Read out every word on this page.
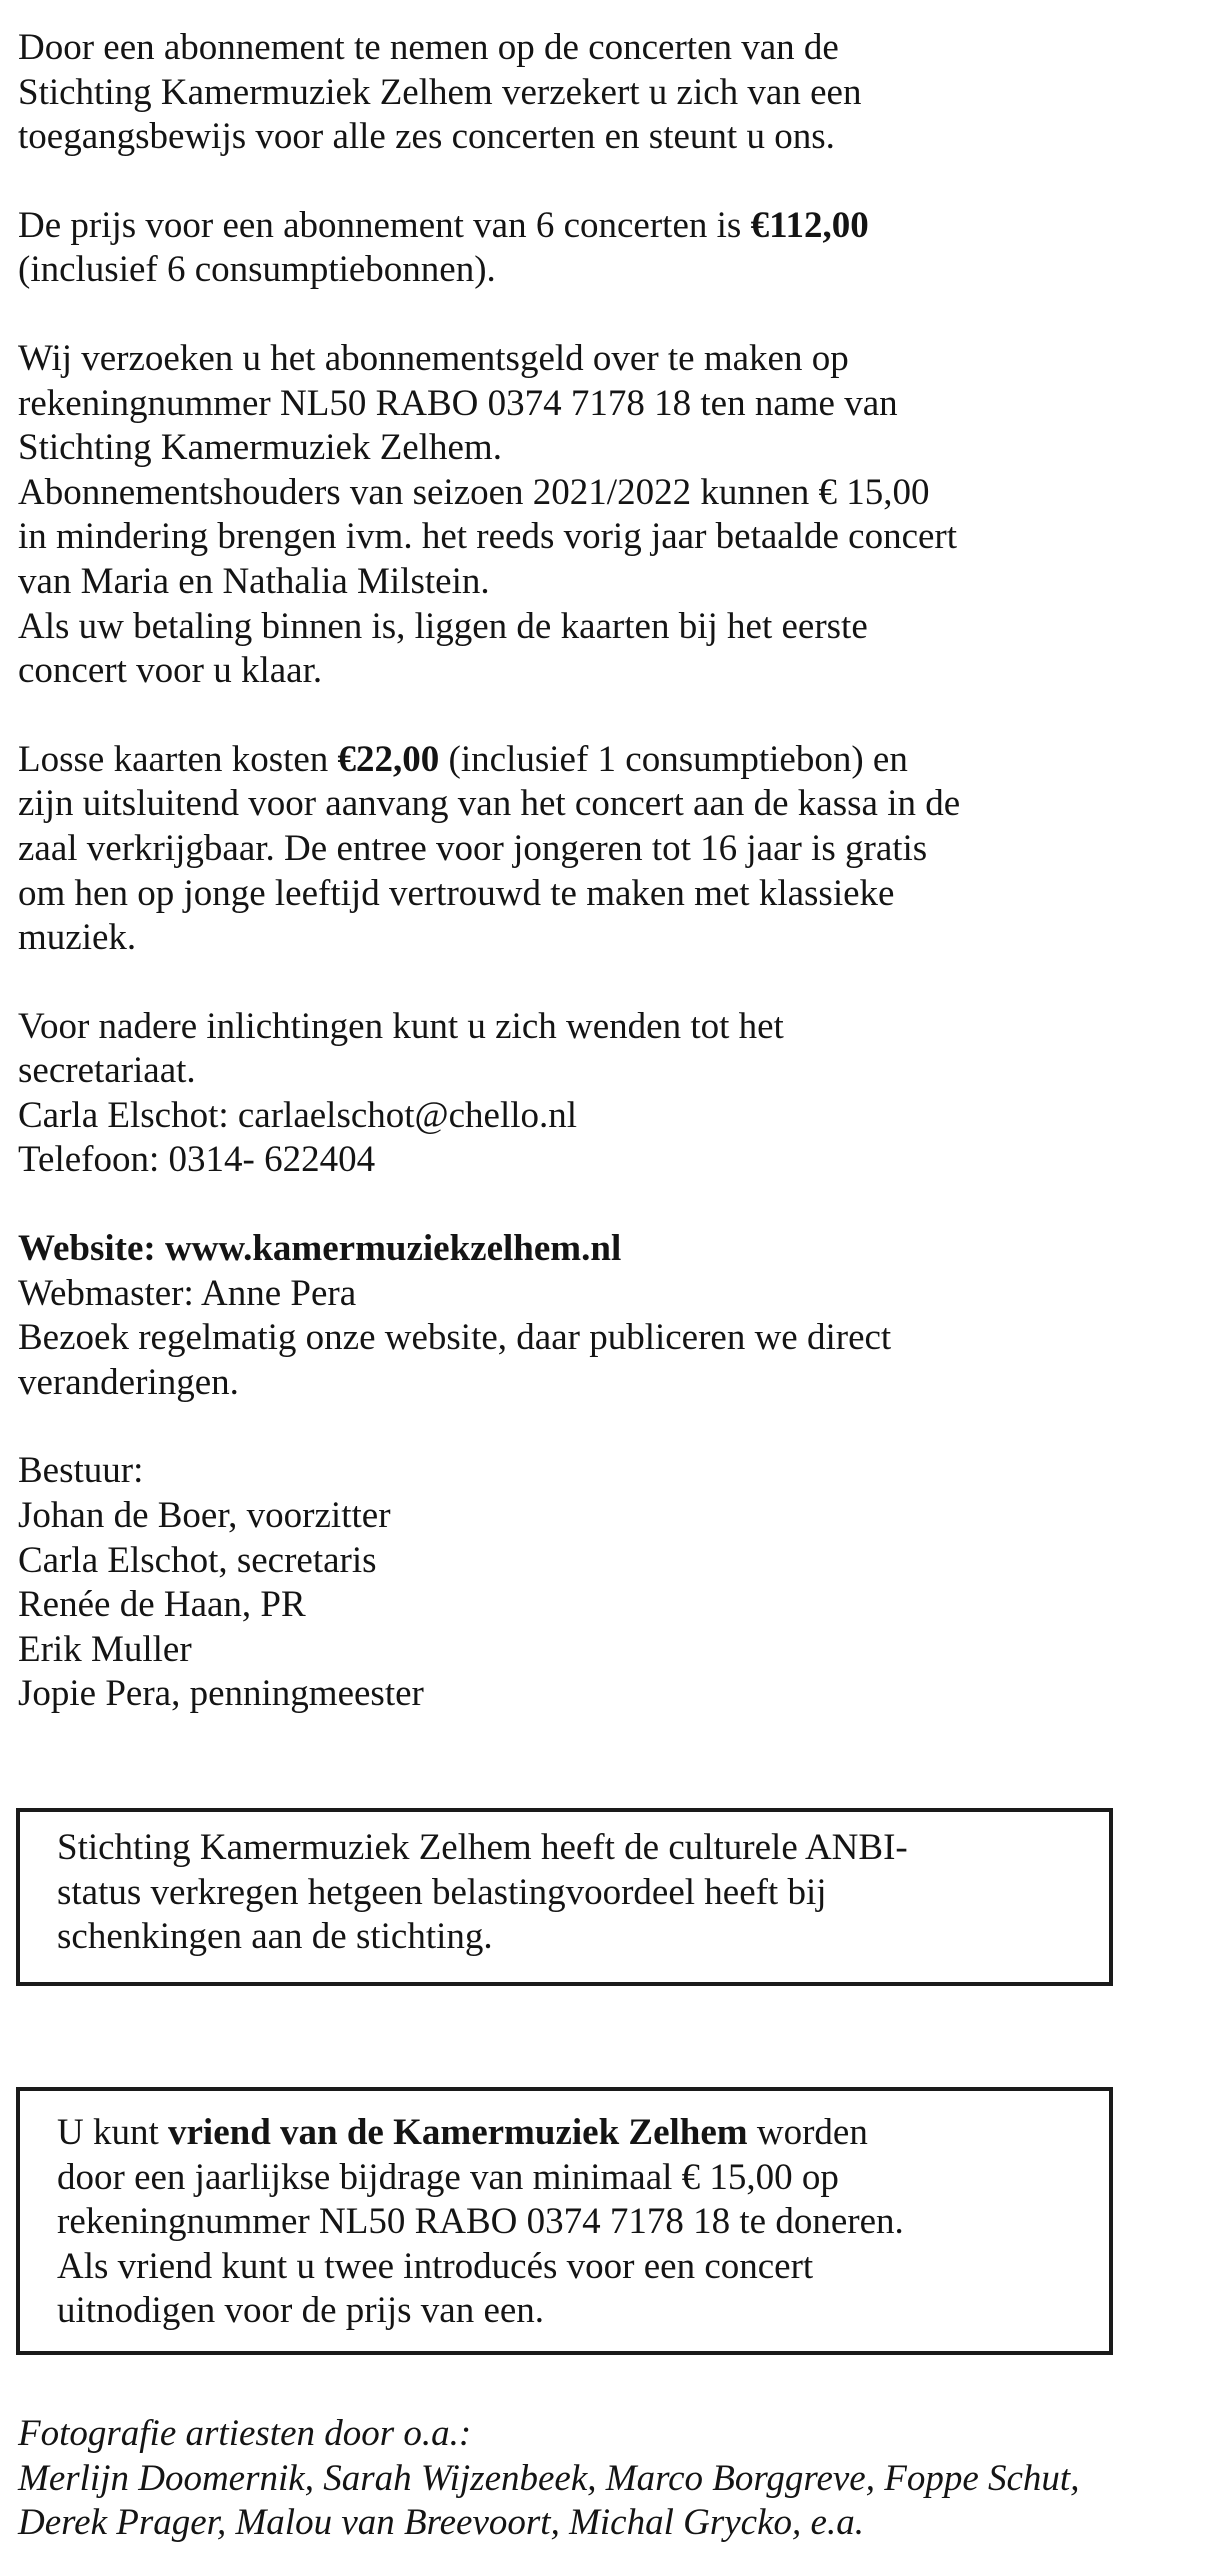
Door een abonnement te nemen op de concerten van de
Stichting Kamermuziek Zelhem verzekert u zich van een
toegangsbewijs voor alle zes concerten en steunt u ons.

De prijs voor een abonnement van 6 concerten is €112,00
(inclusief 6 consumptiebonnen).

Wij verzoeken u het abonnementsgeld over te maken op
rekeningnummer NL50 RABO 0374 7178 18 ten name van
Stichting Kamermuziek Zelhem.
Abonnementshouders van seizoen 2021/2022 kunnen € 15,00
in mindering brengen ivm. het reeds vorig jaar betaalde concert
van Maria en Nathalia Milstein.
Als uw betaling binnen is, liggen de kaarten bij het eerste
concert voor u klaar.

Losse kaarten kosten €22,00 (inclusief 1 consumptiebon) en
zijn uitsluitend voor aanvang van het concert aan de kassa in de
zaal verkrijgbaar. De entree voor jongeren tot 16 jaar is gratis
om hen op jonge leeftijd vertrouwd te maken met klassieke
muziek.

Voor nadere inlichtingen kunt u zich wenden tot het
secretariaat.
Carla Elschot: carlaelschot@chello.nl
Telefoon: 0314- 622404

Website: www.kamermuziekzelhem.nl
Webmaster: Anne Pera
Bezoek regelmatig onze website, daar publiceren we direct
veranderingen.

Bestuur:
Johan de Boer, voorzitter
Carla Elschot, secretaris
Renée de Haan, PR
Erik Muller
Jopie Pera, penningmeester

Stichting Kamermuziek Zelhem heeft de culturele ANBI-
status verkregen hetgeen belastingvoordeel heeft bij
schenkingen aan de stichting.
U kunt vriend van de Kamermuziek Zelhem worden
door een jaarlijkse bijdrage van minimaal € 15,00 op
rekeningnummer NL50 RABO 0374 7178 18 te doneren.
Als vriend kunt u twee introducés voor een concert
uitnodigen voor de prijs van een.
Fotografie artiesten door o.a.:
Merlijn Doomernik, Sarah Wijzenbeek, Marco Borggreve, Foppe Schut,
Derek Prager, Malou van Breevoort, Michal Grycko, e.a.
